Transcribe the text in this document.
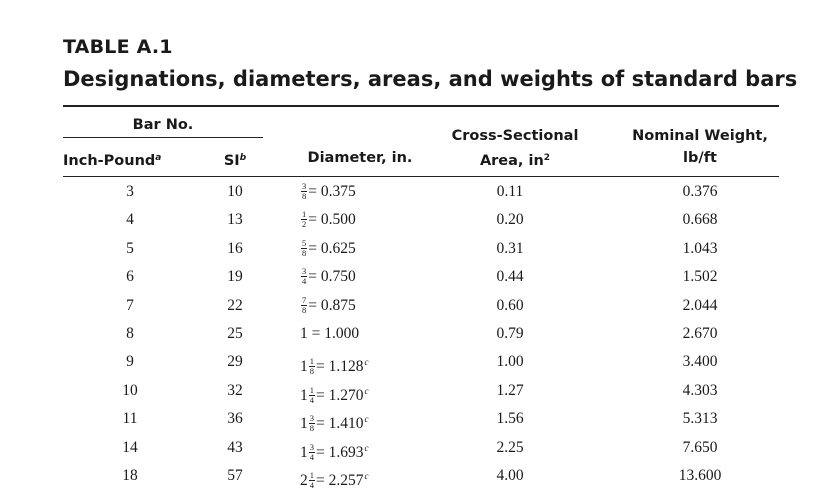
TABLE A.1
Designations, diameters, areas, and weights of standard bars
Bar No.
Inch-Pound$^a$	$SI^b$	Diameter, in.
Cross-Sectional
Area, $in^2$
Nominal Weight,
lb/ft
3	10	$\frac{3}{8} = 0.375$	0.11	0.376
4	13	$\frac{1}{2} = 0.500$	0.20	0.668
5	16	$\frac{5}{8} = 0.625$	0.31	1.043
6	19	$\frac{3}{4} = 0.750$	0.44	1.502
7	22	$\frac{7}{8} = 0.875$	0.60	2.044
8	25	1 = 1.000	0.79	2.670
9	29	$1 \frac{1}{8} = 1.128^c$	1.00	3.400
10	32	$1 \frac{1}{4} = 1.270^c$	1.27	4.303
11	36	$1 \frac{3}{8} = 1.410^c$	1.56	5.313
14	43	$1 \frac{3}{4} = 1.693^c$	2.25	7.650
18	57	$2 \frac{1}{4} = 2.257^c$	4.00	13.600
